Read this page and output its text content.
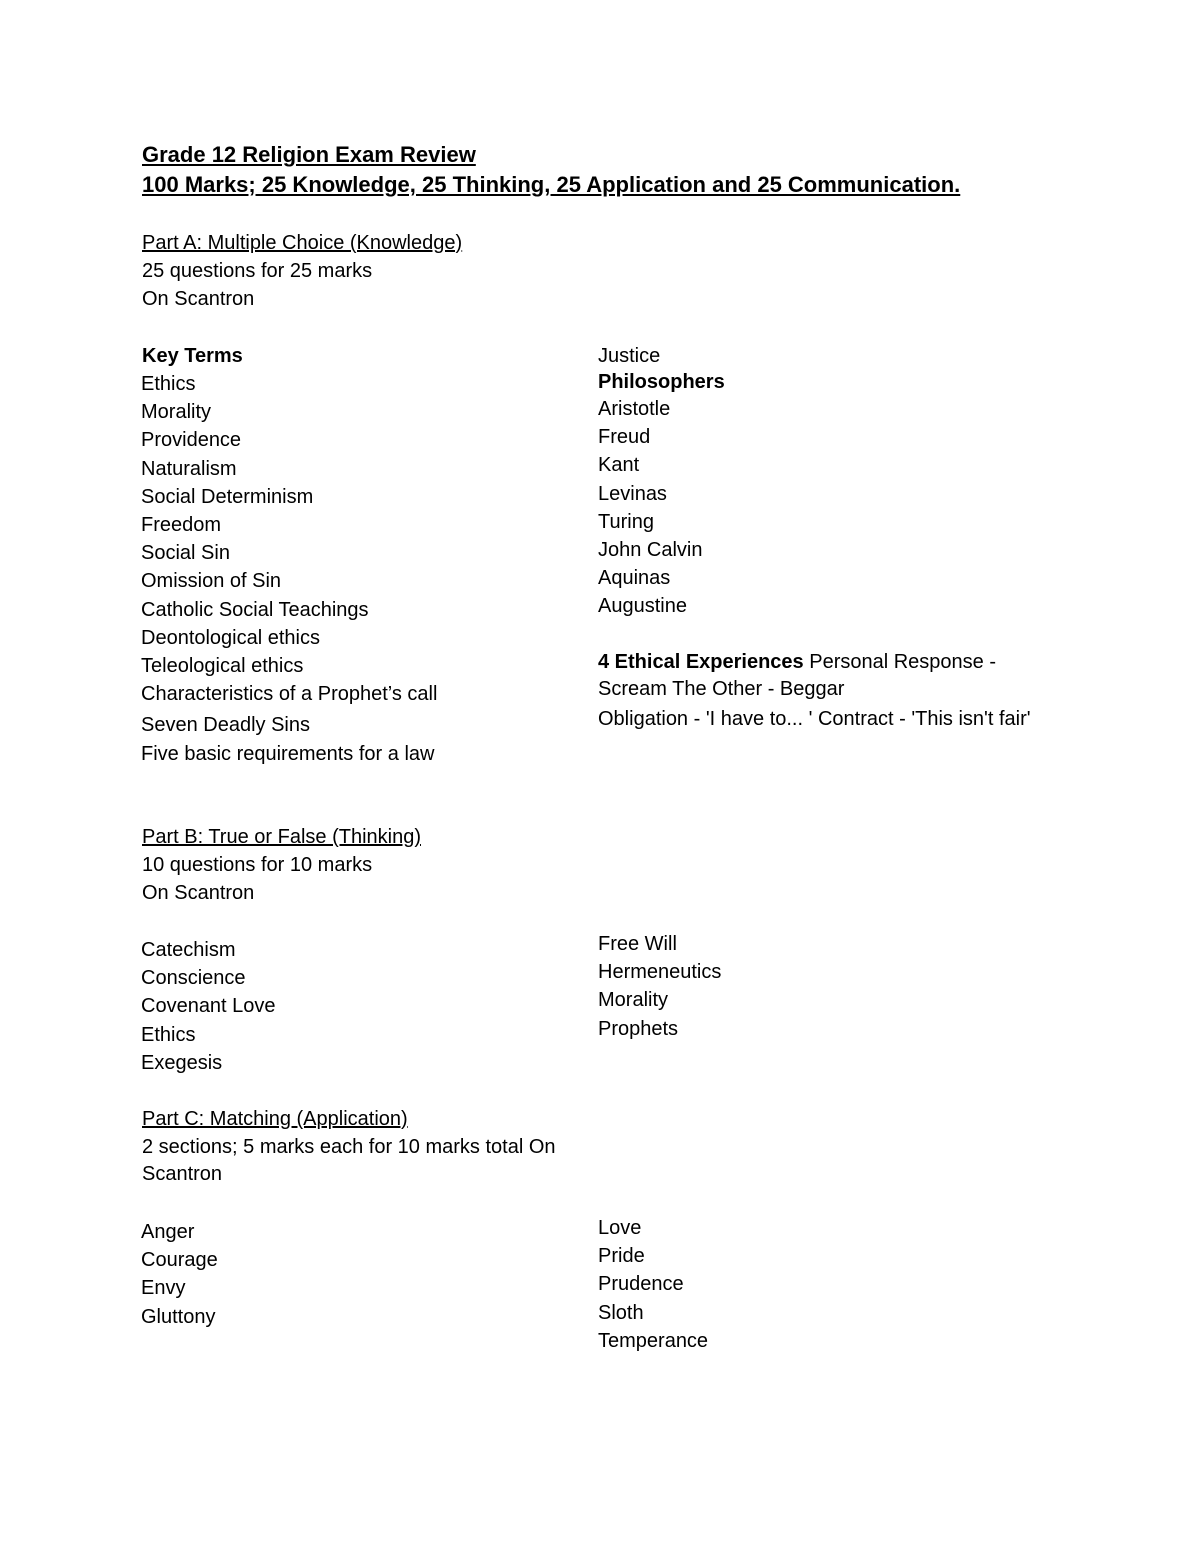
Grade 12 Religion Exam Review
100 Marks; 25 Knowledge, 25 Thinking, 25 Application and 25 Communication.
Part A: Multiple Choice (Knowledge)
25 questions for 25 marks
On Scantron
Key Terms
Ethics
Morality
Providence
Naturalism
Social Determinism
Freedom
Social Sin
Omission of Sin
Catholic Social Teachings
Deontological ethics
Teleological ethics
Characteristics of a Prophet’s call
Seven Deadly Sins
Five basic requirements for a law
Justice
Philosophers
Aristotle
Freud
Kant
Levinas
Turing
John Calvin
Aquinas
Augustine
4 Ethical Experiences Personal Response -
Scream The Other - Beggar
Obligation - 'I have to... ' Contract - 'This isn't fair'
Part B: True or False (Thinking)
10 questions for 10 marks
On Scantron
Catechism
Conscience
Covenant Love
Ethics
Exegesis
Free Will
Hermeneutics
Morality
Prophets
Part C: Matching (Application)
2 sections; 5 marks each for 10 marks total On
Scantron
Anger
Courage
Envy
Gluttony
Love
Pride
Prudence
Sloth
Temperance
